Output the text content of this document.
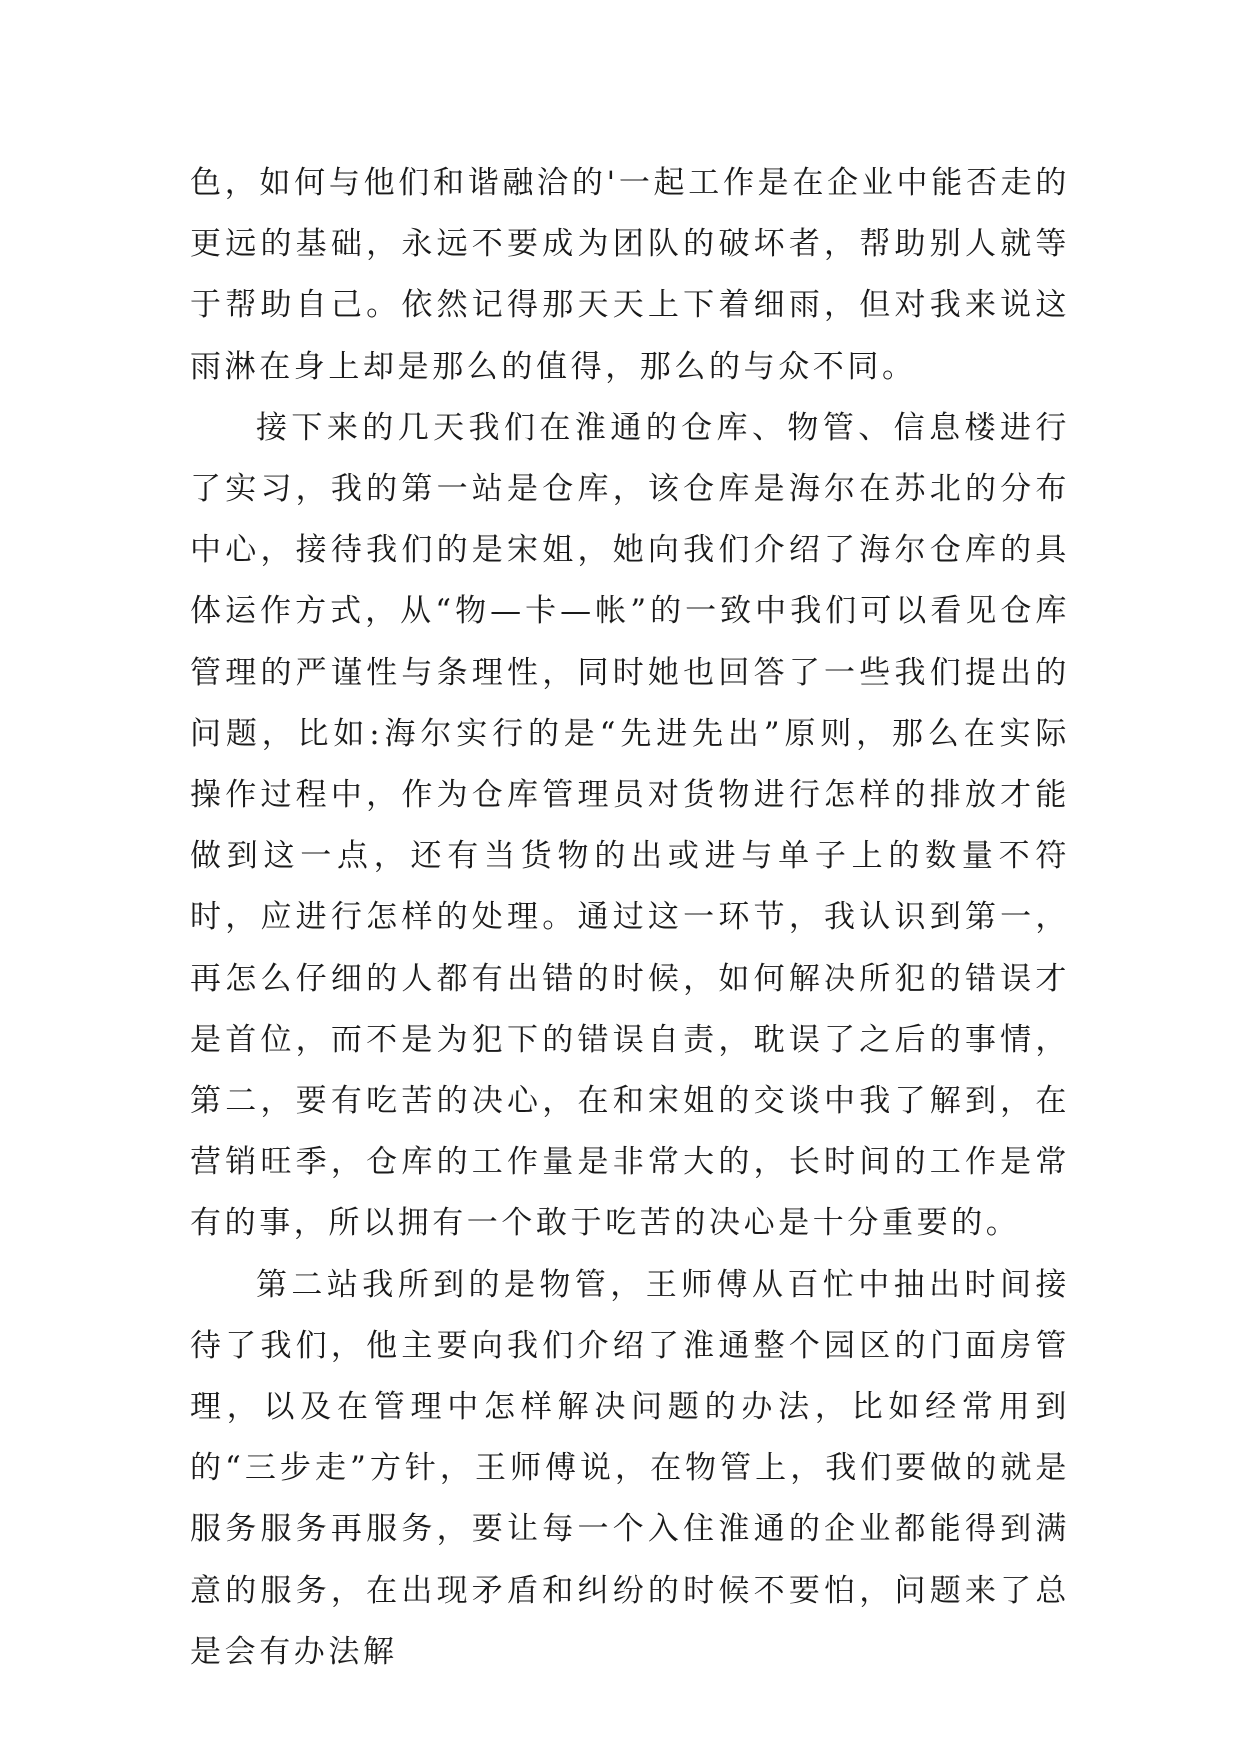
色，如何与他们和谐融洽的'一起工作是在企业中能否走的更远的基础，永远不要成为团队的破坏者，帮助别人就等于帮助自己。依然记得那天天上下着细雨，但对我来说这雨淋在身上却是那么的值得，那么的与众不同。

接下来的几天我们在淮通的仓库、物管、信息楼进行了实习，我的第一站是仓库，该仓库是海尔在苏北的分布中心，接待我们的是宋姐，她向我们介绍了海尔仓库的具体运作方式，从“物—卡—帐”的一致中我们可以看见仓库管理的严谨性与条理性，同时她也回答了一些我们提出的问题，比如:海尔实行的是“先进先出”原则，那么在实际操作过程中，作为仓库管理员对货物进行怎样的排放才能做到这一点，还有当货物的出或进与单子上的数量不符时，应进行怎样的处理。通过这一环节，我认识到第一，再怎么仔细的人都有出错的时候，如何解决所犯的错误才是首位，而不是为犯下的错误自责，耽误了之后的事情，第二，要有吃苦的决心，在和宋姐的交谈中我了解到，在营销旺季，仓库的工作量是非常大的，长时间的工作是常有的事，所以拥有一个敢于吃苦的决心是十分重要的。

第二站我所到的是物管，王师傅从百忙中抽出时间接待了我们，他主要向我们介绍了淮通整个园区的门面房管理，以及在管理中怎样解决问题的办法，比如经常用到的“三步走”方针，王师傅说，在物管上，我们要做的就是服务服务再服务，要让每一个入住淮通的企业都能得到满意的服务，在出现矛盾和纠纷的时候不要怕，问题来了总是会有办法解
